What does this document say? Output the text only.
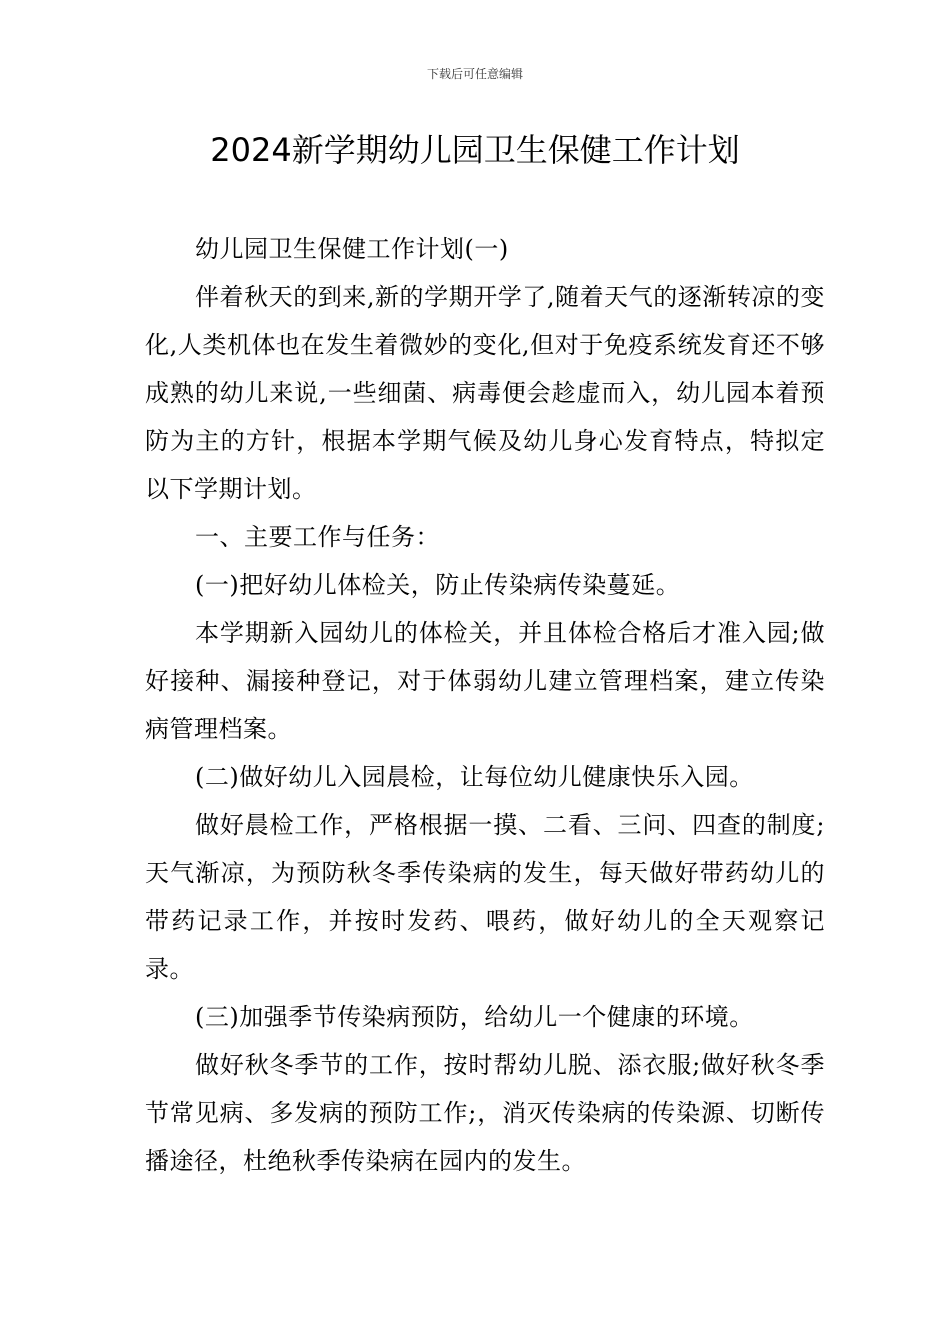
下载后可任意编辑
2024新学期幼儿园卫生保健工作计划

幼儿园卫生保健工作计划(一)

伴着秋天的到来,新的学期开学了,随着天气的逐渐转凉的变化,人类机体也在发生着微妙的变化,但对于免疫系统发育还不够成熟的幼儿来说,一些细菌、病毒便会趁虚而入，幼儿园本着预防为主的方针，根据本学期气候及幼儿身心发育特点，特拟定以下学期计划。

一、主要工作与任务：

(一)把好幼儿体检关，防止传染病传染蔓延。

本学期新入园幼儿的体检关，并且体检合格后才准入园;做好接种、漏接种登记，对于体弱幼儿建立管理档案，建立传染病管理档案。

(二)做好幼儿入园晨检，让每位幼儿健康快乐入园。

做好晨检工作，严格根据一摸、二看、三问、四查的制度;天气渐凉，为预防秋冬季传染病的发生，每天做好带药幼儿的带药记录工作，并按时发药、喂药，做好幼儿的全天观察记录。

(三)加强季节传染病预防，给幼儿一个健康的环境。

做好秋冬季节的工作，按时帮幼儿脱、添衣服;做好秋冬季节常见病、多发病的预防工作;，消灭传染病的传染源、切断传播途径，杜绝秋季传染病在园内的发生。
